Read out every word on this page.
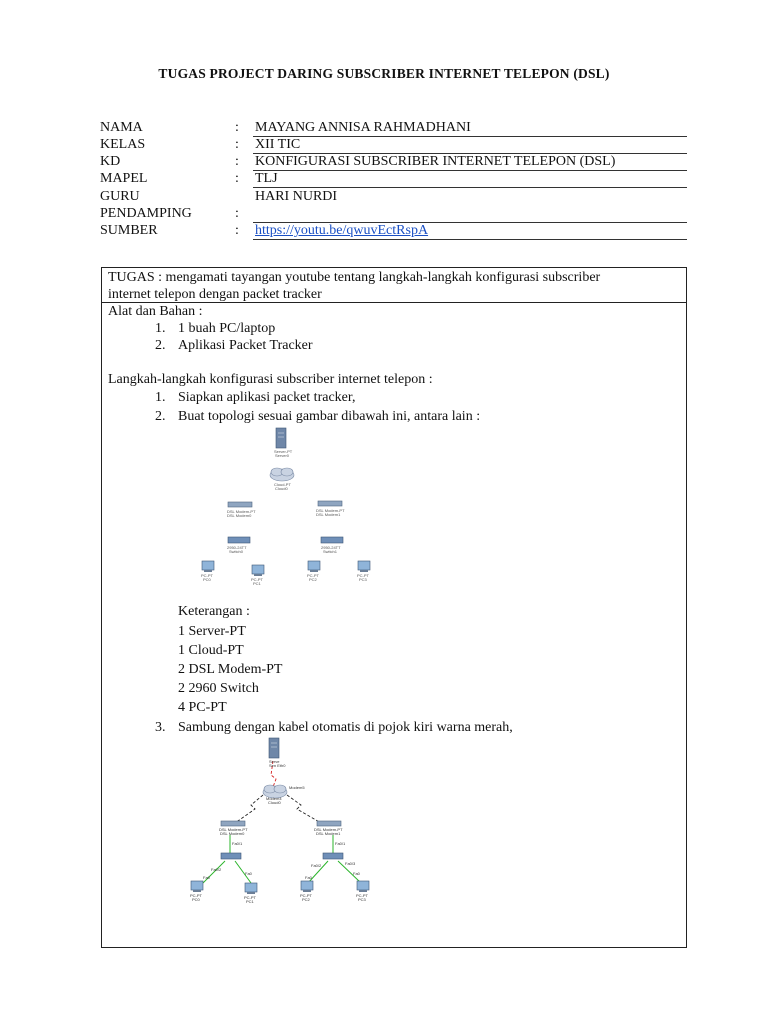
TUGAS PROJECT DARING SUBSCRIBER INTERNET TELEPON (DSL)
NAMA	: MAYANG ANNISA RAHMADHANI
KELAS	: XII TIC
KD	: KONFIGURASI SUBSCRIBER INTERNET TELEPON (DSL)
MAPEL	: TLJ
GURU	HARI NURDI
PENDAMPING	:
SUMBER	: https://youtu.be/qwuvEctRspA
TUGAS : mengamati tayangan youtube tentang langkah-langkah konfigurasi subscriber
internet telepon dengan packet tracker
Alat dan Bahan :
1. 1 buah PC/laptop
2. Aplikasi Packet Tracker
Langkah-langkah konfigurasi subscriber internet telepon :
1. Siapkan aplikasi packet tracker,
2. Buat topologi sesuai gambar dibawah ini, antara lain :
Server-PT
Server0
Cloud-PT
Cloud0
DSL Modem-PT
DSL Modem0
DSL Modem-PT
DSL Modem1
2950-24TT
Switch0
2950-24TT
Switch1
PC-PT
PC0	PC-PT
PC1
PC-PT
PC2
PC-PT
PC3
Keterangan :
1 Server-PT
1 Cloud-PT
2 DSL Modem-PT
2 2960 Switch
4 PC-PT
3. Sambung dengan kabel otomatis di pojok kiri warna merah,
Serve
Sen Eth0
Modem5
Modem4
Cloud0
DSL Modem-PT
DSL Modem0
DSL Modem-PT
DSL Modem1
Fa0/1	Fa0/1
Fa0/2
Fa0/3
Fa0/2
Fa0
Fa0
Fa0
Fa0
PC-PT
PC0	PC-PT
PC1
PC-PT
PC2
PC-PT
PC3
